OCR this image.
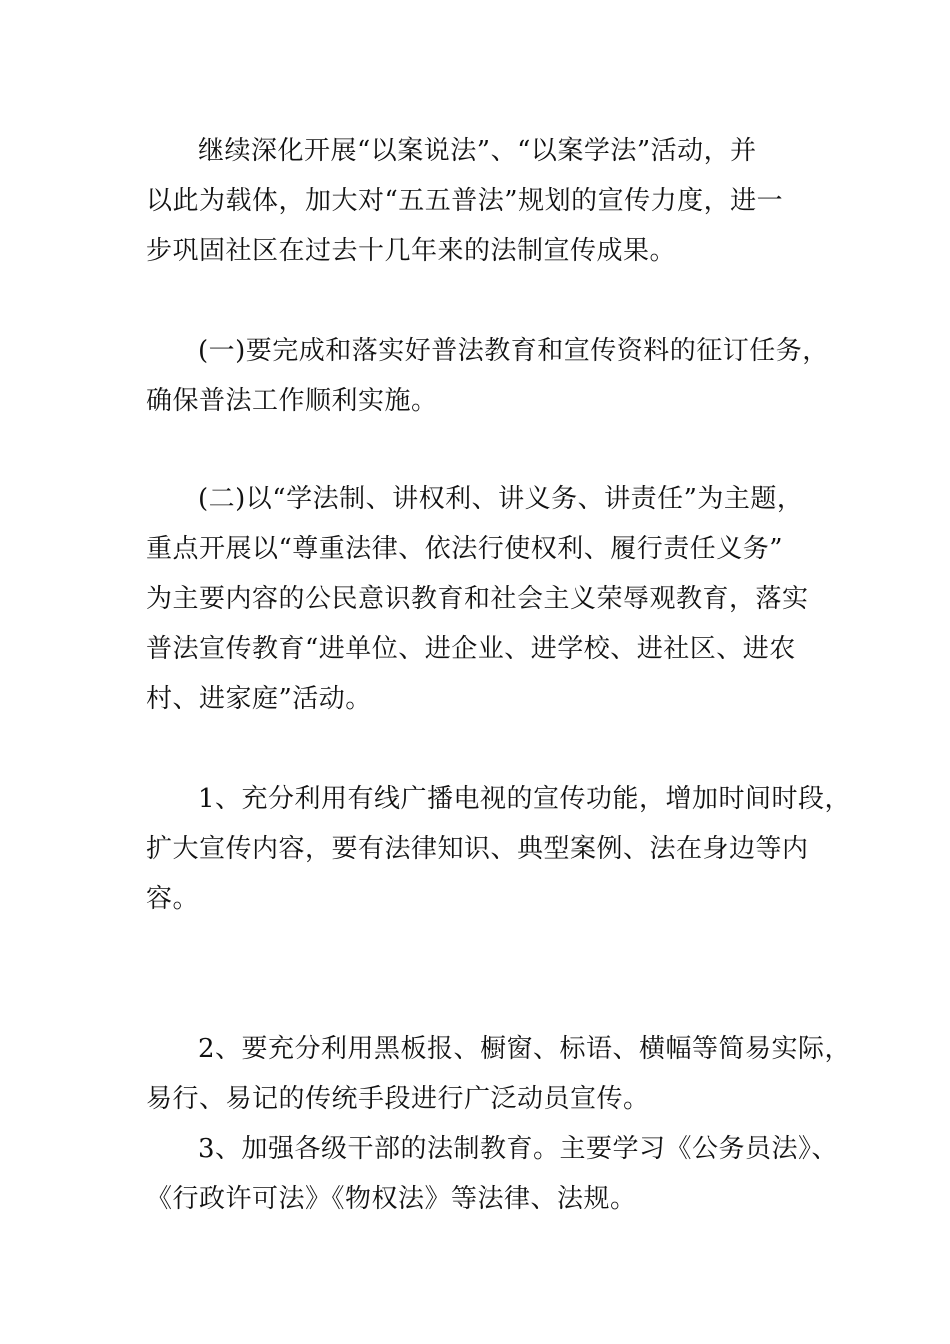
继续深化开展“以案说法”、“以案学法”活动，并
以此为载体，加大对“五五普法”规划的宣传力度，进一
步巩固社区在过去十几年来的法制宣传成果。
(一)要完成和落实好普法教育和宣传资料的征订任务，
确保普法工作顺利实施。
(二)以“学法制、讲权利、讲义务、讲责任”为主题，
重点开展以“尊重法律、依法行使权利、履行责任义务”
为主要内容的公民意识教育和社会主义荣辱观教育，落实
普法宣传教育“进单位、进企业、进学校、进社区、进农
村、进家庭”活动。
1、充分利用有线广播电视的宣传功能，增加时间时段，
扩大宣传内容，要有法律知识、典型案例、法在身边等内
容。
2、要充分利用黑板报、橱窗、标语、横幅等简易实际，
易行、易记的传统手段进行广泛动员宣传。
3、加强各级干部的法制教育。主要学习《公务员法》、
《行政许可法》《物权法》等法律、法规。
